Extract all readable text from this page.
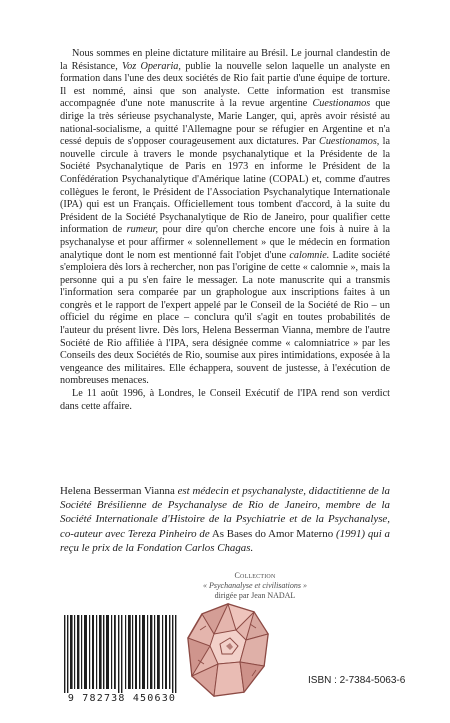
Nous sommes en pleine dictature militaire au Brésil. Le journal clandestin de la Résistance, Voz Operaria, publie la nouvelle selon laquelle un analyste en formation dans l'une des deux sociétés de Rio fait partie d'une équipe de torture. Il est nommé, ainsi que son analyste. Cette information est transmise accompagnée d'une note manuscrite à la revue argentine Cuestionamos que dirige la très sérieuse psychanalyste, Marie Langer, qui, après avoir résisté au national-socialisme, a quitté l'Allemagne pour se réfugier en Argentine et n'a cessé depuis de s'opposer courageusement aux dictatures. Par Cuestionamos, la nouvelle circule à travers le monde psychanalytique et la Présidente de la Société Psychanalytique de Paris en 1973 en informe le Président de la Confédération Psychanalytique d'Amérique latine (COPAL) et, comme d'autres collègues le feront, le Président de l'Association Psychanalytique Internationale (IPA) qui est un Français. Officiellement tous tombent d'accord, à la suite du Président de la Société Psychanalytique de Rio de Janeiro, pour qualifier cette information de rumeur, pour dire qu'on cherche encore une fois à nuire à la psychanalyse et pour affirmer « solennellement » que le médecin en formation analytique dont le nom est mentionné fait l'objet d'une calomnie. Ladite société s'emploiera dès lors à rechercher, non pas l'origine de cette « calomnie », mais la personne qui a pu s'en faire le messager. La note manuscrite qui a transmis l'information sera comparée par un graphologue aux inscriptions faites à un congrès et le rapport de l'expert appelé par le Conseil de la Société de Rio – un officiel du régime en place – conclura qu'il s'agit en toutes probabilités de l'auteur du présent livre. Dès lors, Helena Besserman Vianna, membre de l'autre Société de Rio affiliée à l'IPA, sera désignée comme « calomniatrice » par les Conseils des deux Sociétés de Rio, soumise aux pires intimidations, exposée à la vengeance des militaires. Elle échappera, souvent de justesse, à l'exécution de nombreuses menaces.

Le 11 août 1996, à Londres, le Conseil Exécutif de l'IPA rend son verdict dans cette affaire.

Helena Besserman Vianna est médecin et psychanalyste, didactitienne de la Société Brésilienne de Psychanalyse de Rio de Janeiro, membre de la Société Internationale d'Histoire de la Psychiatrie et de la Psychanalyse, co-auteur avec Tereza Pinheiro de As Bases do Amor Materno (1991) qui a reçu le prix de la Fondation Carlos Chagas.
Collection
« Psychanalyse et civilisations »
dirigée par Jean NADAL
9 782738 450630
ISBN : 2-7384-5063-6
